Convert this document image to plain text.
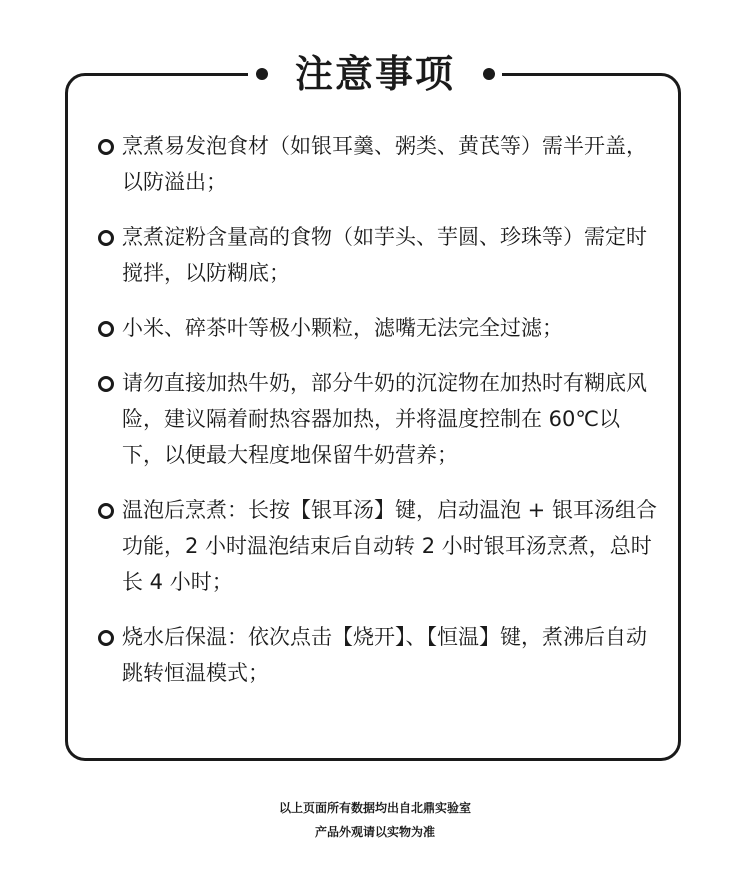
注意事项
烹煮易发泡食材（如银耳羹、粥类、黄芪等）需半开盖，以防溢出；
烹煮淀粉含量高的食物（如芋头、芋圆、珍珠等）需定时搅拌，以防糊底；
小米、碎茶叶等极小颗粒，滤嘴无法完全过滤；
请勿直接加热牛奶，部分牛奶的沉淀物在加热时有糊底风险，建议隔着耐热容器加热，并将温度控制在 60℃以下，以便最大程度地保留牛奶营养；
温泡后烹煮：长按【银耳汤】键，启动温泡 + 银耳汤组合功能，2 小时温泡结束后自动转 2 小时银耳汤烹煮，总时长 4 小时；
烧水后保温：依次点击【烧开】、【恒温】键，煮沸后自动跳转恒温模式；
以上页面所有数据均出自北鼎实验室
产品外观请以实物为准
